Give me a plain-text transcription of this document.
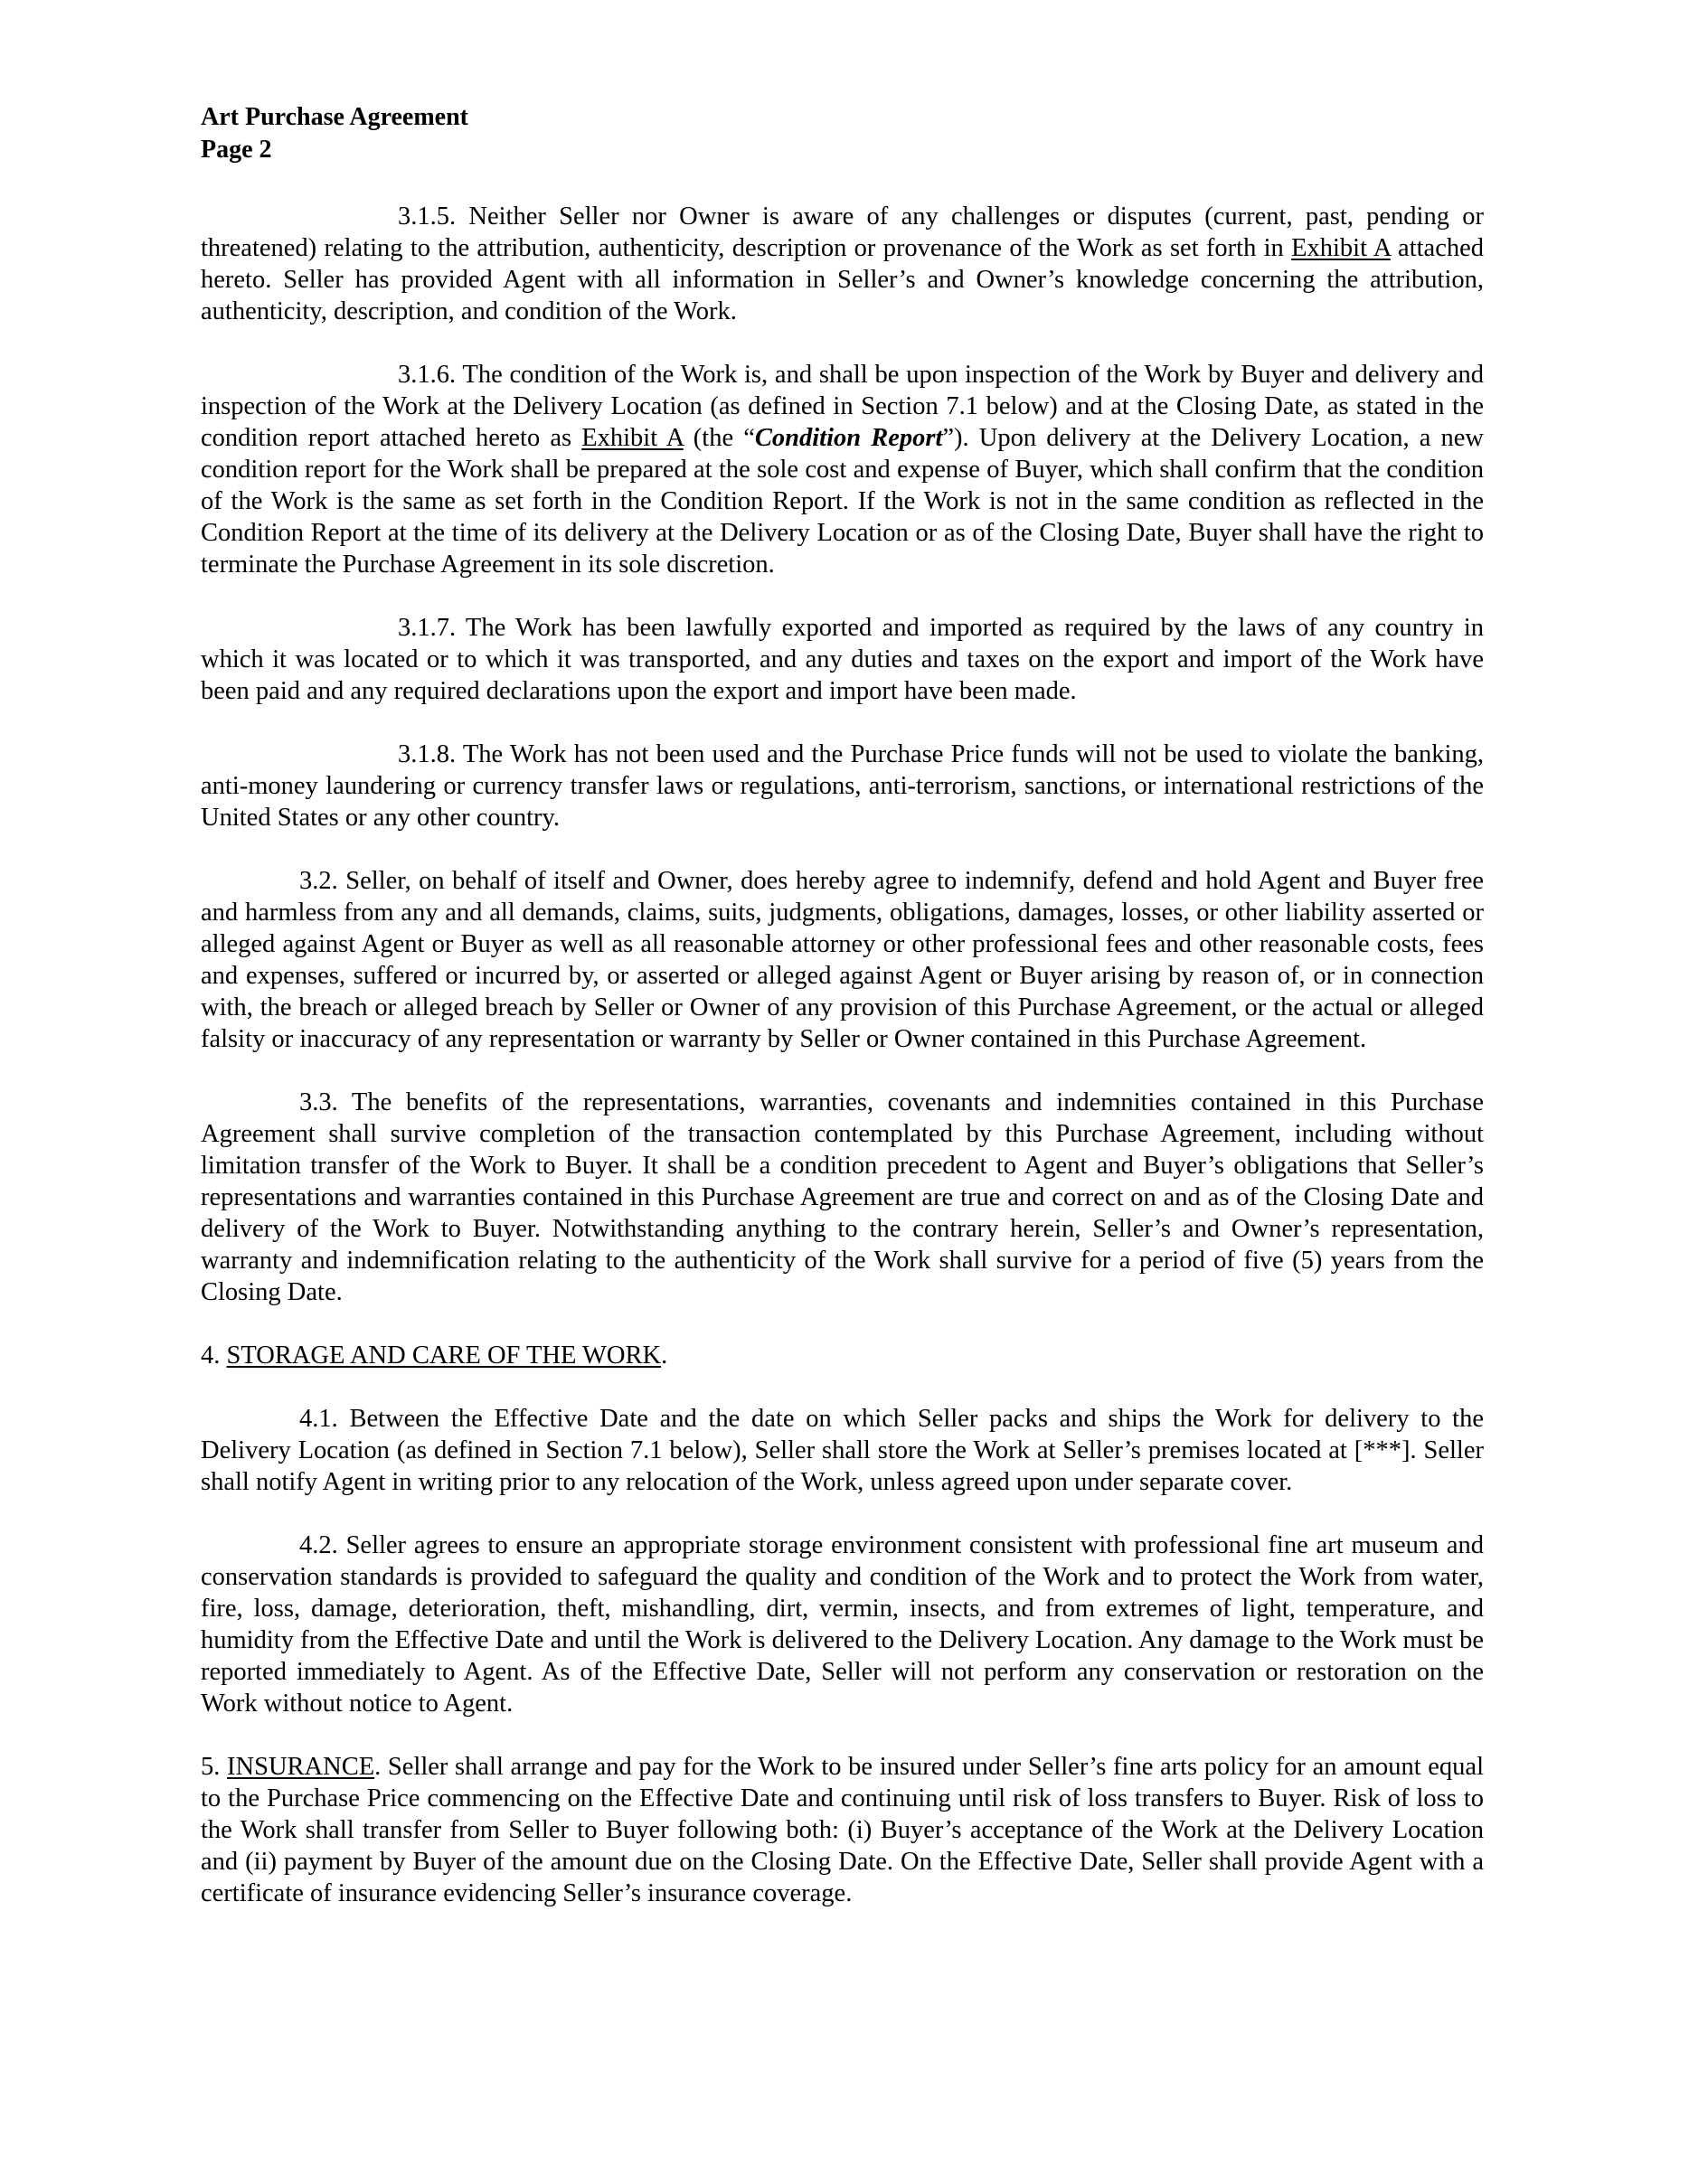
Art Purchase Agreement
Page 2

3.1.5. Neither Seller nor Owner is aware of any challenges or disputes (current, past, pending or threatened) relating to the attribution, authenticity, description or provenance of the Work as set forth in Exhibit A attached hereto. Seller has provided Agent with all information in Seller’s and Owner’s knowledge concerning the attribution, authenticity, description, and condition of the Work.

3.1.6. The condition of the Work is, and shall be upon inspection of the Work by Buyer and delivery and inspection of the Work at the Delivery Location (as defined in Section 7.1 below) and at the Closing Date, as stated in the condition report attached hereto as Exhibit A (the “Condition Report”). Upon delivery at the Delivery Location, a new condition report for the Work shall be prepared at the sole cost and expense of Buyer, which shall confirm that the condition of the Work is the same as set forth in the Condition Report. If the Work is not in the same condition as reflected in the Condition Report at the time of its delivery at the Delivery Location or as of the Closing Date, Buyer shall have the right to terminate the Purchase Agreement in its sole discretion.

3.1.7. The Work has been lawfully exported and imported as required by the laws of any country in which it was located or to which it was transported, and any duties and taxes on the export and import of the Work have been paid and any required declarations upon the export and import have been made.

3.1.8. The Work has not been used and the Purchase Price funds will not be used to violate the banking, anti-money laundering or currency transfer laws or regulations, anti-terrorism, sanctions, or international restrictions of the United States or any other country.

3.2. Seller, on behalf of itself and Owner, does hereby agree to indemnify, defend and hold Agent and Buyer free and harmless from any and all demands, claims, suits, judgments, obligations, damages, losses, or other liability asserted or alleged against Agent or Buyer as well as all reasonable attorney or other professional fees and other reasonable costs, fees and expenses, suffered or incurred by, or asserted or alleged against Agent or Buyer arising by reason of, or in connection with, the breach or alleged breach by Seller or Owner of any provision of this Purchase Agreement, or the actual or alleged falsity or inaccuracy of any representation or warranty by Seller or Owner contained in this Purchase Agreement.

3.3. The benefits of the representations, warranties, covenants and indemnities contained in this Purchase Agreement shall survive completion of the transaction contemplated by this Purchase Agreement, including without limitation transfer of the Work to Buyer. It shall be a condition precedent to Agent and Buyer’s obligations that Seller’s representations and warranties contained in this Purchase Agreement are true and correct on and as of the Closing Date and delivery of the Work to Buyer. Notwithstanding anything to the contrary herein, Seller’s and Owner’s representation, warranty and indemnification relating to the authenticity of the Work shall survive for a period of five (5) years from the Closing Date.

4. STORAGE AND CARE OF THE WORK.

4.1. Between the Effective Date and the date on which Seller packs and ships the Work for delivery to the Delivery Location (as defined in Section 7.1 below), Seller shall store the Work at Seller’s premises located at [***]. Seller shall notify Agent in writing prior to any relocation of the Work, unless agreed upon under separate cover.

4.2. Seller agrees to ensure an appropriate storage environment consistent with professional fine art museum and conservation standards is provided to safeguard the quality and condition of the Work and to protect the Work from water, fire, loss, damage, deterioration, theft, mishandling, dirt, vermin, insects, and from extremes of light, temperature, and humidity from the Effective Date and until the Work is delivered to the Delivery Location. Any damage to the Work must be reported immediately to Agent. As of the Effective Date, Seller will not perform any conservation or restoration on the Work without notice to Agent.

5. INSURANCE. Seller shall arrange and pay for the Work to be insured under Seller’s fine arts policy for an amount equal to the Purchase Price commencing on the Effective Date and continuing until risk of loss transfers to Buyer. Risk of loss to the Work shall transfer from Seller to Buyer following both: (i) Buyer’s acceptance of the Work at the Delivery Location and (ii) payment by Buyer of the amount due on the Closing Date. On the Effective Date, Seller shall provide Agent with a certificate of insurance evidencing Seller’s insurance coverage.
